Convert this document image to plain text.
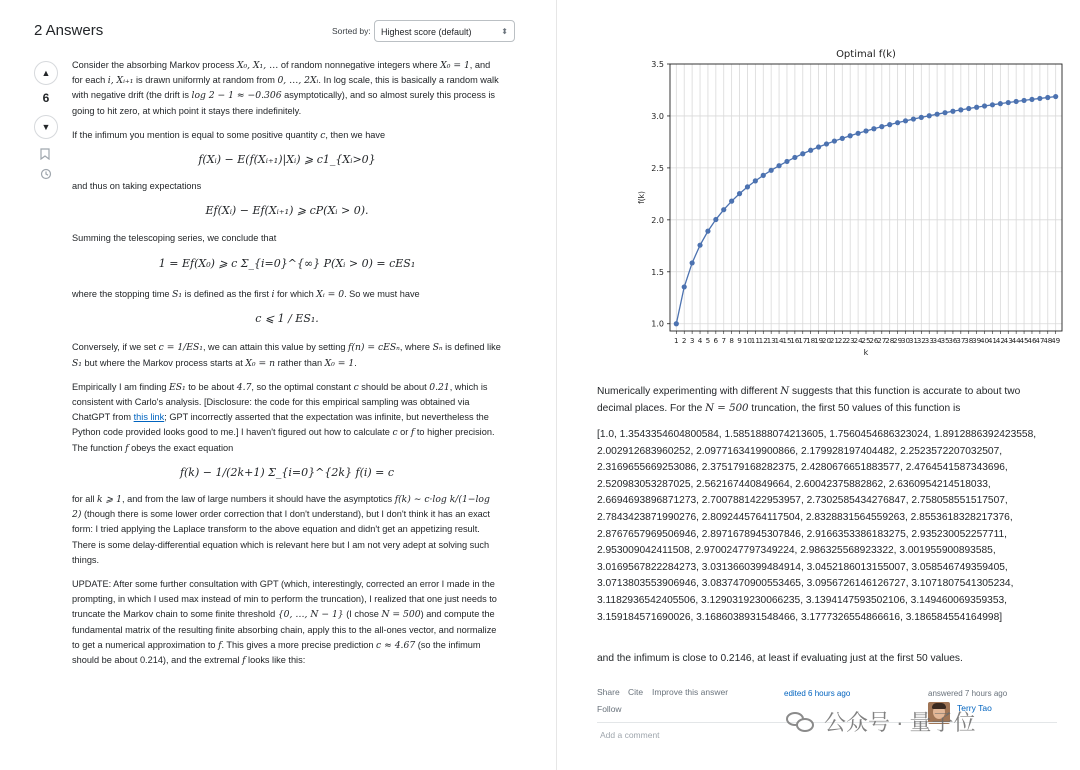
2 Answers	Sorted by:	Highest score (default)	⬍
▲
6
▼

Consider the absorbing Markov process X₀, X₁, … of random nonnegative integers where X₀ = 1, and for each i, Xᵢ₊₁ is drawn uniformly at random from 0, …, 2Xᵢ. In log scale, this is basically a random walk with negative drift (the drift is log 2 − 1 ≈ −0.306 asymptotically), and so almost surely this process is going to hit zero, at which point it stays there indefinitely.

If the infimum you mention is equal to some positive quantity c, then we have

f(Xᵢ) − E(f(Xᵢ₊₁)|Xᵢ) ⩾ c1_{Xᵢ>0}

and thus on taking expectations

Ef(Xᵢ) − Ef(Xᵢ₊₁) ⩾ cP(Xᵢ > 0).

Summing the telescoping series, we conclude that

1 = Ef(X₀) ⩾ c Σ_{i=0}^{∞} P(Xᵢ > 0) = cES₁

where the stopping time S₁ is defined as the first i for which Xᵢ = 0. So we must have

c ⩽ 1 / ES₁.

Conversely, if we set c = 1/ES₁, we can attain this value by setting f(n) = cESₙ, where Sₙ is defined like S₁ but where the Markov process starts at X₀ = n rather than X₀ = 1.

Empirically I am finding ES₁ to be about 4.7, so the optimal constant c should be about 0.21, which is consistent with Carlo's analysis. [Disclosure: the code for this empirical sampling was obtained via ChatGPT from this link; GPT incorrectly asserted that the expectation was infinite, but nevertheless the Python code provided looks good to me.] I haven't figured out how to calculate c or f to higher precision. The function f obeys the exact equation

f(k) − 1/(2k+1) Σ_{i=0}^{2k} f(i) = c

for all k ⩾ 1, and from the law of large numbers it should have the asymptotics f(k) ∼ c·log k/(1−log 2) (though there is some lower order correction that I don't understand), but I don't think it has an exact form: I tried applying the Laplace transform to the above equation and didn't get an appetizing result. There is some delay-differential equation which is relevant here but I am not very adept at solving such things.

UPDATE: After some further consultation with GPT (which, interestingly, corrected an error I made in the prompting, in which I used max instead of min to perform the truncation), I realized that one just needs to truncate the Markov chain to some finite threshold {0, …, N − 1} (I chose N = 500) and compute the fundamental matrix of the resulting finite absorbing chain, apply this to the all-ones vector, and normalize to get a numerical approximation to f. This gives a more precise prediction c ≈ 4.67 (so the infimum should be about 0.214), and the extremal f looks like this:

Optimal f(k)
1.0
1.5
2.0
2.5
3.0
3.5
1 2 3 4 5 6 7 8 9 10
11
12
13
14
15
16
17
18
19
20
21
22
23
24
25
26
27
28
29
30
31
32
33
34
35
36
37
38
39
40
41
42
43
44
45
46
47
48
49
k
f(k)
Numerically experimenting with different N suggests that this function is accurate to about two decimal places. For the N = 500 truncation, the first 50 values of this function is
[1.0, 1.3543354604800584, 1.5851888074213605, 1.7560454686323024, 1.8912886392423558, 2.002912683960252, 2.0977163419900866, 2.179928197404482, 2.2523572207032507, 2.3169655669253086, 2.375179168282375, 2.4280676651883577, 2.4764541587343696, 2.520983053287025, 2.562167440849664, 2.60042375882862, 2.6360954214518033, 2.6694693896871273, 2.7007881422953957, 2.7302585434276847, 2.758058551517507, 2.7843423871990276, 2.8092445764117504, 2.8328831564559263, 2.8553618328217376, 2.8767657969506946, 2.8971678945307846, 2.9166353386183275, 2.935230052257711, 2.953009042411508, 2.9700247797349224, 2.986325568923322, 3.001955900893585, 3.0169567822284273, 3.0313660399484914, 3.0452186013155007, 3.058546749359405, 3.0713803553906946, 3.0837470900553465, 3.0956726146126727, 3.1071807541305234, 3.1182936542405506, 3.1290319230066235, 3.1394147593502106, 3.149460069359353, 3.159184571690026, 3.1686038931548466, 3.1777326554866616, 3.186584554164998]
and the infimum is close to 0.2146, at least if evaluating just at the first 50 values.
Share Cite Improve this answer
Follow
edited 6 hours ago	answered 7 hours ago
Terry Tao
Add a comment	公众号 · 量子位
